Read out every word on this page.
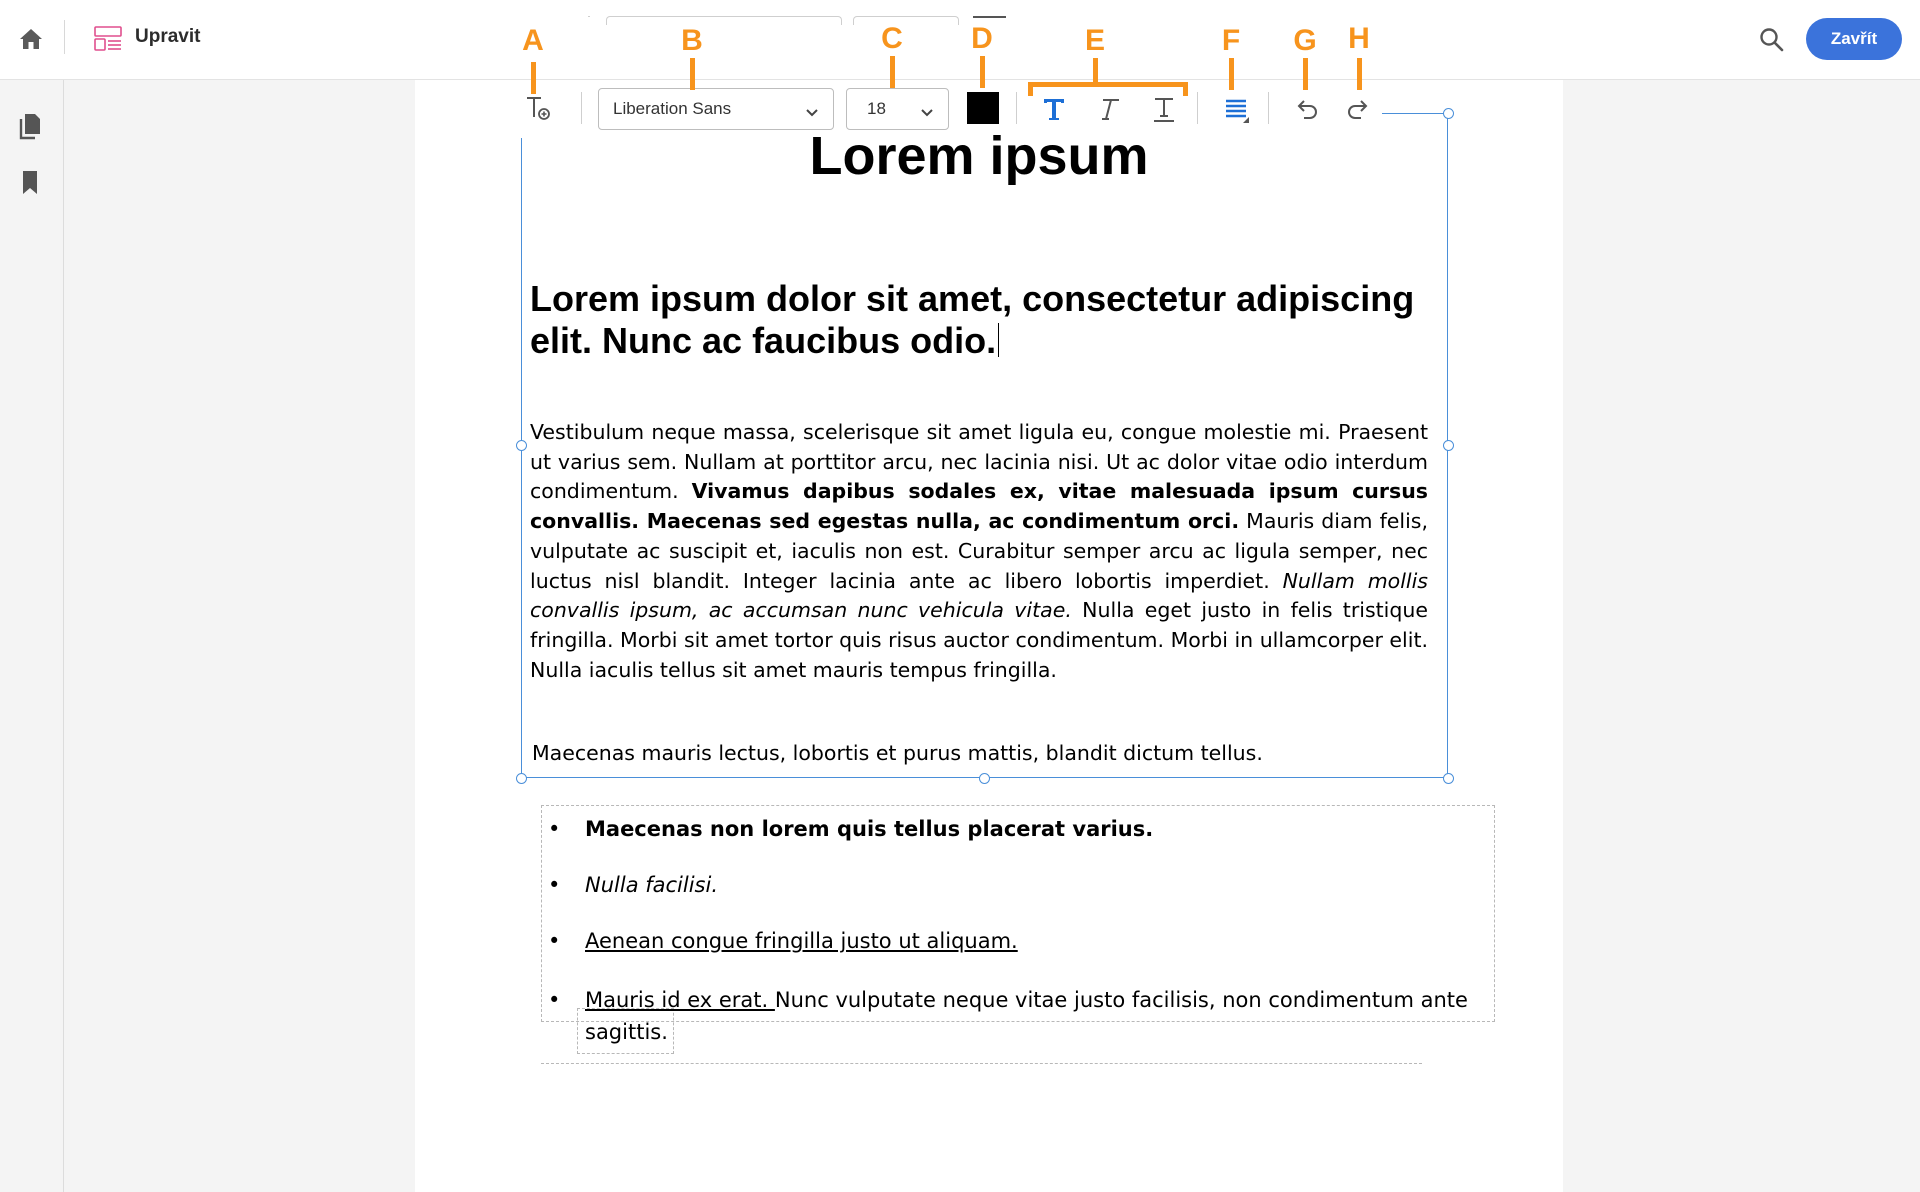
Upravit	Zavřít
Liberation Sans	18
A	B	C	D	E	F	G	H
Lorem ipsum

Lorem ipsum dolor sit amet, consectetur adipiscing elit. Nunc ac faucibus odio.

Vestibulum neque massa, scelerisque sit amet ligula eu, congue molestie mi. Praesent ut varius sem. Nullam at porttitor arcu, nec lacinia nisi. Ut ac dolor vitae odio interdum condimentum. Vivamus dapibus sodales ex, vitae malesuada ipsum cursus convallis. Maecenas sed egestas nulla, ac condimentum orci. Mauris diam felis, vulputate ac suscipit et, iaculis non est. Curabitur semper arcu ac ligula semper, nec luctus nisl blandit. Integer lacinia ante ac libero lobortis imperdiet. Nullam mollis convallis ipsum, ac accumsan nunc vehicula vitae. Nulla eget justo in felis tristique fringilla. Morbi sit amet tortor quis risus auctor condimentum. Morbi in ullamcorper elit. Nulla iaculis tellus sit amet mauris tempus fringilla.

Maecenas mauris lectus, lobortis et purus mattis, blandit dictum tellus.

• Maecenas non lorem quis tellus placerat varius.
• Nulla facilisi.
• Aenean congue fringilla justo ut aliquam.
• Mauris id ex erat. Nunc vulputate neque vitae justo facilisis, non condimentum ante
sagittis.
